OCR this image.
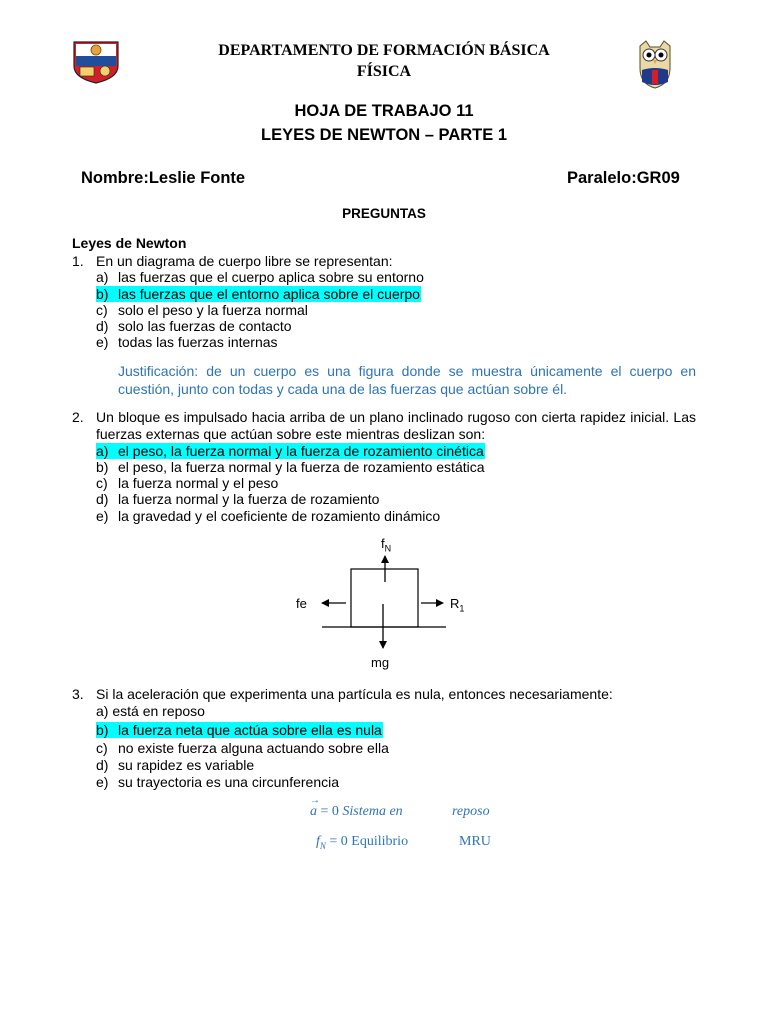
DEPARTAMENTO DE FORMACIÓN BÁSICA
FÍSICA
HOJA DE TRABAJO 11
LEYES DE NEWTON – PARTE 1
Nombre:Leslie Fonte	Paralelo:GR09
PREGUNTAS
Leyes de Newton
1. En un diagrama de cuerpo libre se representan:
a) las fuerzas que el cuerpo aplica sobre su entorno
b) las fuerzas que el entorno aplica sobre el cuerpo
c) solo el peso y la fuerza normal
d) solo las fuerzas de contacto
e) todas las fuerzas internas
Justificación: de un cuerpo es una figura donde se muestra únicamente el cuerpo en cuestión, junto con todas y cada una de las fuerzas que actúan sobre él.
2. Un bloque es impulsado hacia arriba de un plano inclinado rugoso con cierta rapidez inicial. Las fuerzas externas que actúan sobre este mientras deslizan son:
a) el peso, la fuerza normal y la fuerza de rozamiento cinética
b) el peso, la fuerza normal y la fuerza de rozamiento estática
c) la fuerza normal y el peso
d) la fuerza normal y la fuerza de rozamiento
e) la gravedad y el coeficiente de rozamiento dinámico
$f_N$
fe	$R_1$
mg
3. Si la aceleración que experimenta una partícula es nula, entonces necesariamente:
a) está en reposo
b) la fuerza neta que actúa sobre ella es nula
c) no existe fuerza alguna actuando sobre ella
d) su rapidez es variable
e) su trayectoria es una circunferencia
→
a = 0 Sistema en	reposo
$f_N = 0$ Equilibrio	MRU
